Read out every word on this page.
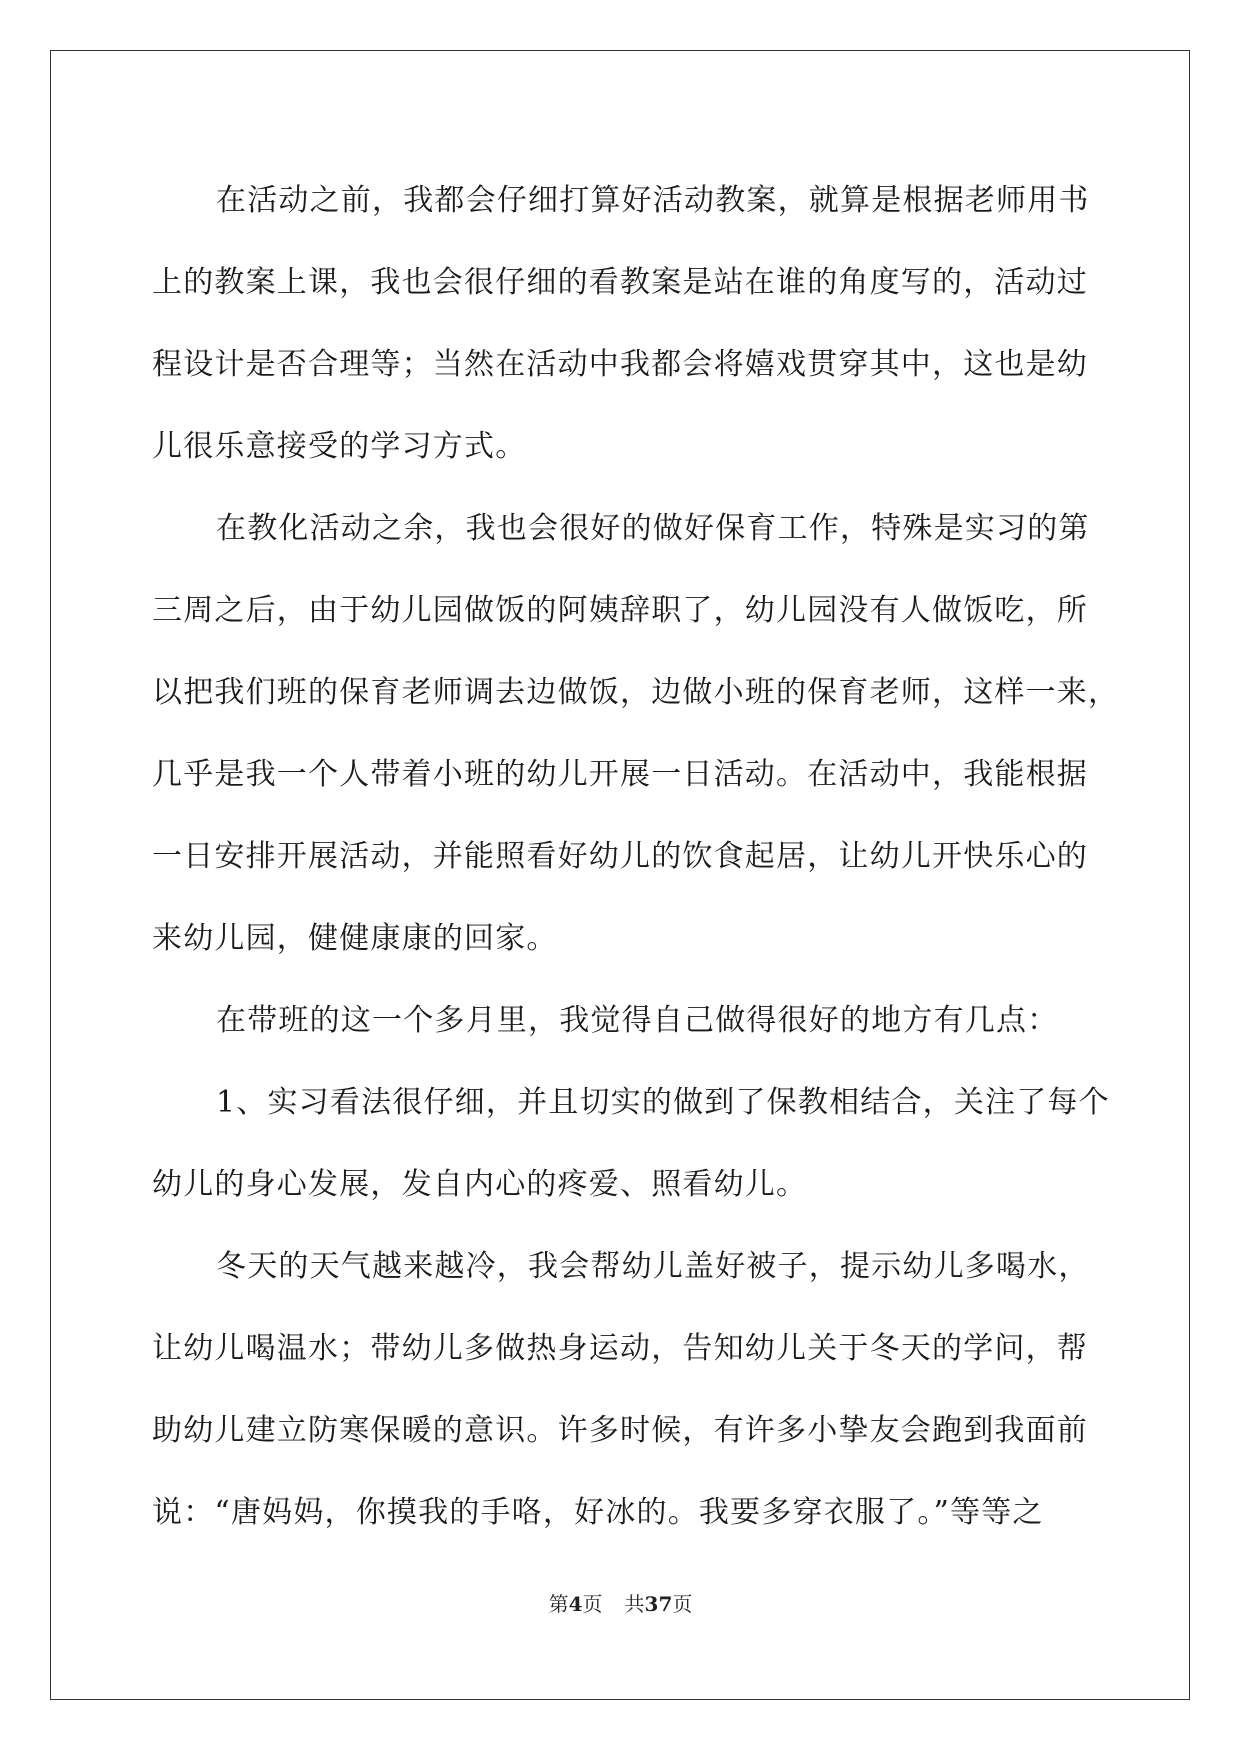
在活动之前，我都会仔细打算好活动教案，就算是根据老师用书
上的教案上课，我也会很仔细的看教案是站在谁的角度写的，活动过
程设计是否合理等；当然在活动中我都会将嬉戏贯穿其中，这也是幼
儿很乐意接受的学习方式。

在教化活动之余，我也会很好的做好保育工作，特殊是实习的第
三周之后，由于幼儿园做饭的阿姨辞职了，幼儿园没有人做饭吃，所
以把我们班的保育老师调去边做饭，边做小班的保育老师，这样一来，
几乎是我一个人带着小班的幼儿开展一日活动。在活动中，我能根据
一日安排开展活动，并能照看好幼儿的饮食起居，让幼儿开快乐心的
来幼儿园，健健康康的回家。

在带班的这一个多月里，我觉得自己做得很好的地方有几点：

1、实习看法很仔细，并且切实的做到了保教相结合，关注了每个
幼儿的身心发展，发自内心的疼爱、照看幼儿。

冬天的天气越来越冷，我会帮幼儿盖好被子，提示幼儿多喝水，
让幼儿喝温水；带幼儿多做热身运动，告知幼儿关于冬天的学问，帮
助幼儿建立防寒保暖的意识。许多时候，有许多小挚友会跑到我面前
说：“唐妈妈，你摸我的手咯，好冰的。我要多穿衣服了。”等等之

第4页 共37页
